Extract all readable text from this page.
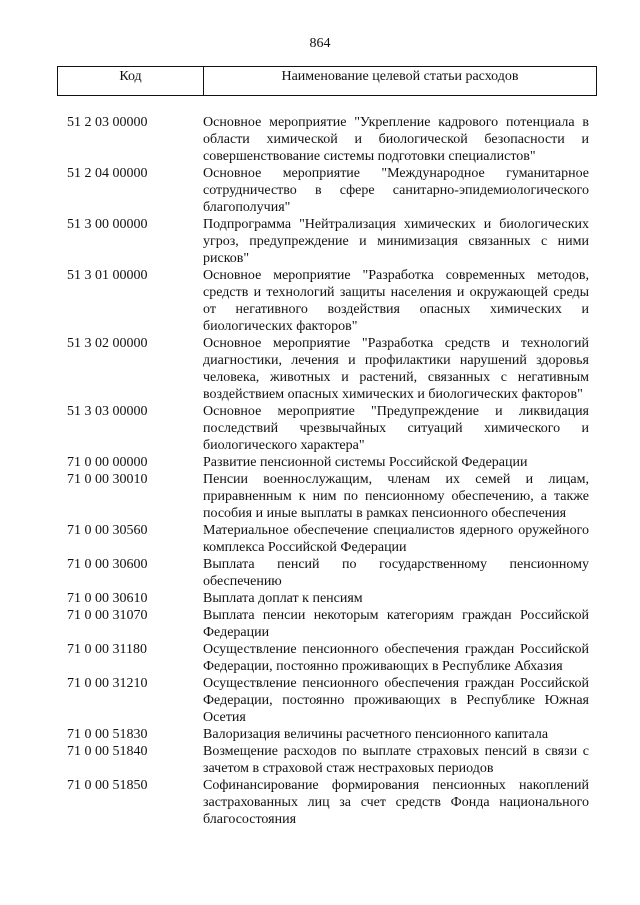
864
Код	Наименование целевой статьи расходов
51 2 03 00000	Основное мероприятие "Укрепление кадрового потенциала в области химической и биологической безопасности и совершенствование системы подготовки специалистов"
51 2 04 00000	Основное мероприятие "Международное гуманитарное сотрудничество в сфере санитарно-эпидемиологического благополучия"
51 3 00 00000	Подпрограмма "Нейтрализация химических и биологических угроз, предупреждение и минимизация связанных с ними рисков"
51 3 01 00000	Основное мероприятие "Разработка современных методов, средств и технологий защиты населения и окружающей среды от негативного воздействия опасных химических и биологических факторов"
51 3 02 00000	Основное мероприятие "Разработка средств и технологий диагностики, лечения и профилактики нарушений здоровья человека, животных и растений, связанных с негативным воздействием опасных химических и биологических факторов"
51 3 03 00000	Основное мероприятие "Предупреждение и ликвидация последствий чрезвычайных ситуаций химического и биологического характера"
71 0 00 00000	Развитие пенсионной системы Российской Федерации
71 0 00 30010	Пенсии военнослужащим, членам их семей и лицам, приравненным к ним по пенсионному обеспечению, а также пособия и иные выплаты в рамках пенсионного обеспечения
71 0 00 30560	Материальное обеспечение специалистов ядерного оружейного комплекса Российской Федерации
71 0 00 30600	Выплата пенсий по государственному пенсионному обеспечению
71 0 00 30610	Выплата доплат к пенсиям
71 0 00 31070	Выплата пенсии некоторым категориям граждан Российской Федерации
71 0 00 31180	Осуществление пенсионного обеспечения граждан Российской Федерации, постоянно проживающих в Республике Абхазия
71 0 00 31210	Осуществление пенсионного обеспечения граждан Российской Федерации, постоянно проживающих в Республике Южная Осетия
71 0 00 51830	Валоризация величины расчетного пенсионного капитала
71 0 00 51840	Возмещение расходов по выплате страховых пенсий в связи с зачетом в страховой стаж нестраховых периодов
71 0 00 51850	Софинансирование формирования пенсионных накоплений застрахованных лиц за счет средств Фонда национального благосостояния
